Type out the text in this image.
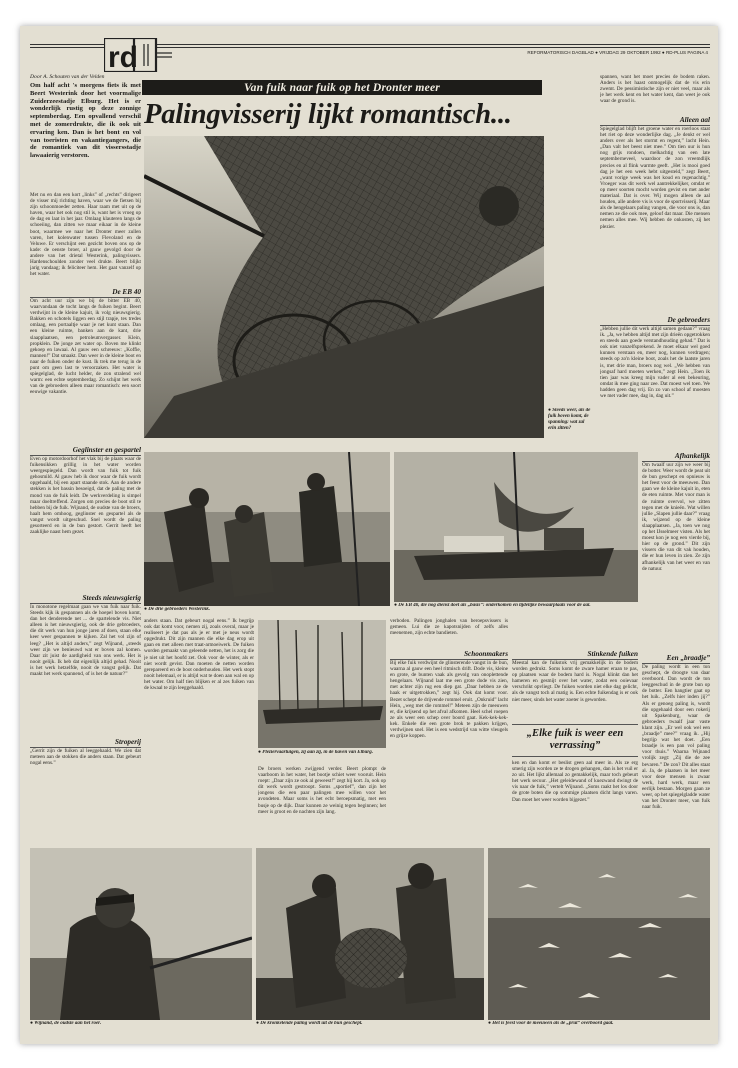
rd	REFORMATORISCH DAGBLAD ● VRIJDAG 29 OKTOBER 1992 ● RD-PLUS PAGINA 4
Door A. Schouten van der Velden
Om half acht 's morgens fiets ik met Beert Westerink door het voormalige Zuiderzeestadje Elburg. Het is er wonderlijk rustig op deze zonnige septemberdag. Een opvallend verschil met de zomerdrukte, die ik ook uit ervaring ken. Dan is het bont en vol van toeristen en vakantiegangers, die de romantiek van dit vissersstadje lawaaierig verstoren.
Met nu en dan een kort „links” of „rechts” dirigeert de visser mij richting haven, waar we de fietsen bij zijn schoonmoeder zetten. Haar raam met uit op de haven, waar het ook nog stil is, want het is vroeg op de dag en laat in het jaar. Omlaag klauteren langs de schoeiing, dan zitten we maar eikaar in de kleine boot, waarmee we naar het Dronter meer zullen varen, het kolenwater tussen Flevoland en de Veluwe. Er verschijnt een gezicht boven ons op de kade: de oenste broer, al gauw gevolgd door de andere van het drietal Westerink, palingvissers. Hardenschoulden zonder veel drukte. Beert blijkt jarig vandaag; ik feliciteer hem. Het gaat vanzelf op het water.
De EB 40
Om acht uur zijn we bij de bitter EB 40, waarvandaan de tocht langs de fuiken begint. Beert verdwijnt in de kleine kajuit, ik volg nieuwsgierig. Bakken en schotels liggen een stijl trapje, tes tredes omlaag, een portaaltje waar je net kunt staan. Dan een kleine ruimte, banken aan de kant, drie slaapplaatsen, een petroleumvergasser. Klein, propklein. De jonge zet water op. Boven me klinkt gekoep en lawaai. Al gauw een schreeuw: „Koffie, mannen!” Dat smaakt. Dan weer in de kleine boot en naar de fuiken onder de kust. Ik trek me terug in de punt om geen last te veroorzaken. Het water is spiegelglad, de lucht helder, de zon stralend wel warm: een echte septemberdag. Zo schijnt het werk van de gebroeders alleen maar romantisch: een soort eeuwige vakantie.
Geglinster en gespartel
Even op motordoorhof het vlak bij de plaats waar de fuikensikken grillig in het water worden weergespiegeld. Dan wordt van fuik tot fuik gehosmild. Al gauw heb ik door waar de fuik wordt opgehaald, bij een apart staande stok. Aan de andere stekken is het bassin besoeigd, dat de paling met de mond van de fuik leidt. De werkverdeling is simpel maar doeltreffend. Zorgen om precies de boot stil te hebben bij de fuik. Wijnand, de oudste van de broers, haalt hem omhoog, geglinster en gespartel als de vangst wordt uitgeschud. Snel wordt de paling gesorteerd en in de bun gestort. Gerrit heeft het zaaklijke naast hem gezet.
Steeds nieuwsgierig
In monotone regelmaat gaan we van fuik naar fuik. Steeds kijk ik gespannen als de hoepel boven komt, dan het denderende net ... de spartelende vis. Niet alleen is het nieuwsgierig, ook de drie gebroeders, die dit werk van hun jonge jaren af doen, staan elke keer weer gespannen te kijken. Zal het vol zijn of leeg? „Het is altijd anders,” zegt Wijnand, „steeds weer zijn we benieuwd wat er boven zal komen. Daar zit juist de aardigheid van ons werk. Het is nooit gelijk. Ik heb dat eigenlijk altijd gehad. Nooit is het werk hetzelfde, nooit de vangst gelijk. Dat maakt het werk spannend, of is het de natuur?”
Stroperij
„Gerrit zijn de fuiken al leeggehaald. We zien dat meteen aan de stokken die anders staan. Dat gebeurt nogal eens.”
Van fuik naar fuik op het Dronter meer
Palingvisserij lijkt romantisch...
● Steeds weer, als de fuik boven komt, de spanning: wat zal erin zitten?
● De drie gebroeders Westerink.
● De EB 40, die nog dienst doet als „basis”: onderkomen en tijdelijke bewaarplaats voor de aal.
anders staan. Dat gebeurt nogal eens.” Ik begrijp ook dat komt voor, nemen zij, zoals overal, maar je realiseert je dat pas als je er met je neus wordt opgedrukt. Dit zijn mannen die elke dag erop uit gaan en met alleen met traat-armoeiwerk. De fuiken worden gemaakt van geleende netten, het is zorg die je niet uit het hoofd zet. Ook voor de winter, als er niet wordt gevist. Dan moeten de netten worden gerepareerd en de boot onderhouden. Het werk stopt nooit helemaal, er is altijd wat te doen aan wal en op het water. Om half tien blijken er al zes fuiken van de kwaal te zijn leeggehaald.
● Pleziervaartuigen, zij aan zij, in de haven van Elburg.
De broers werken zwijgend verder. Beert plompt de vaarboom in het water, het bootje schiet weer vooruit. Hein roept: „Daar zijn ze ook al geweest!” zegt hij kort. Ja, ook op dit werk wordt gestroopt. Soms „sportief”, dan zijn het jongens die een paar palingen mee willen voor het avondeten. Maar soms is het echt beroepsmatig, met een busje op de dijk. Daar kunnen ze weinig tegen beginnen; het meer is groot en de nachten zijn lang.
verboden. Palingen jonghalen van beroepsvissers is gemeen. Lui die ze kapotsnijden of zelfs alles meenemen, zijn echte bandieten.
Schoonmakers
Bij elke fuik verdwijnt de glinsterende vangst in de bun, waarna al gauw een heel ritmisch drift. Dode vis, kleine en grote, de bunten vaak als gevolg van onoplettende hengelaars. Wijnand laat me een grote dode vis zien, met achter zijn rug een diep gat. „Daar hebben ze de haak er uitgetrokken,” zegt hij. Ook dat komt voor. Bezet schept de drijvende rommel eruit. „Onkruid” lacht Hein, „weg met die rommel!” Meteen zijn de meeuwen er, die krijsend op het afval afkomen. Heel schel roepen ze als weer een schep over boord gaat. Kek-kek-kek-kek. Enkele die een grote brok te pakken krijgen, verdwijnen snel. Het is een wedstrijd van witte vleugels en grijze koppen.
Stinkende fuiken
Meestal kan de fuikstok vrij gemakkelijk in de bodem worden gedrukt. Soms komt de zware hamer eraan te pas, op plaatsen waar de bodem hard is. Nogal klinkt dan het hameren en gesmijt over het water, zodat een ooievaar verschrikt opvliegt. De fuiken worden niet elke dag gelicht, als de vangst toch al matig is. Een echte fuikendag is er ook niet meer, sinds het water zoeter is geworden.
„Elke fuik is weer een verrassing”
ken en dan komt er beslist geen aal meer in. Als ze erg smerig zijn worden ze te drogen gehangen, dan is het vuil er zo uit. Het lijkt allemaal zo gemakkelijk, maar toch gebeurt het werk secuur. „Het geleidewand of kuezwand dwingt de vis naar de fuik,” vertelt Wijnand. „Soms raakt het los door de grote boten die op sommige plaatsen dicht langs varen. Dan moet het weer worden bijgezet.”
spannen, want het moet precies de bodem raken. Anders is het haast onmogelijk dat de vis erin zwemt. De pessimistische zijn er niet veel, maar als je het werk kent en het water kent, dan weet je ook waar de grond is.
Alleen aal
Spiegelglad blijft het groene water en roerloos staat het riet op deze wonderlijke dag. „Je denkt er wel anders over als het stormt en regent,” lacht Hein. „Dan valt het beest niet mee.” Om tien uur is hun nog grijs rondoen, melkachtig van een late septemberneveel, waardoor de zon vreemdlijk precies en al flink warmte geeft. „Het is mooi goed dag je het een week hebt uitgesteld,” zegt Beert, „want vorige week was het koud en regenachtig.” Vroeger was dit werk wel aantrekkelijker, omdat er op meer soorten mocht worden gevist en met ander materiaal. Dat is over. Wij mogen alleen de aal houden, alle andere vis is voor de sportvisserij. Maar als de hengelaars paling vangen, die voor ons is, dan nemen ze die ook mee, geloof dat maar. Die mensen nemen alles mee. Wij hebben de onkosten, zij het plezier.
De gebroeders
„Hebben jullie dit werk altijd samen gedaan?” vraag ik. „Ja, we hebben altijd met zijn drieën opgetrokken en steeds aan goede verstandhouding gehad.” Dat is ook niet vanzelfsprekend. Je moet elkaar wel goed kunnen verstaan en, meer nog, kunnen verdragen; steeds op zo'n kleine boot, zoals het de laatste jaren is, met drie man, broers nog wel. „We hebben van jongsaf hard moeten werken,” zegt Hein. „Toen ik tien jaar was kreeg mijn vader al een bekeuring, omdat ik mee ging naar zee. Dat moest wel toen. We hadden geen dag vrij. En zo van school af moesten we met vader mee, dag in, dag uit.”
Afhankelijk
Om twaalf uur zijn we weer bij de botter. Weer wordt de peat uit de bun geschept en opnieuw is het feest voor de meeuwen. Dan gaan we de kleine kajuit in, eten de eten ruimte. Met voor man is de ruimte overvol, we zitten tegen met de knieën. Wat willen jullie „Slapen jullie daar?” vraag ik, wijzend op de kleine slaapplaatsen. „Ja, toen we nog op het IJsselmeer visten. Als het moest kon je nog een vierde bij, hier op de grond.” Dit zijn vissers die van dit vak houden, die er hun leven in zien. Ze zijn afhankelijk van het weer en van de natuur.
Een „braadje”
De paling wordt in een ton geschept, de droogte van daar overboord. Dan wordt de ton leeggeschud in de grote bun op de botter. Een hangtier gaat op het luik. „Zelfs hier inden jij?” Als er genoeg paling is, wordt die opgehaald door een rokerij uit Spakenburg, waar de gebroeders twaalf jaar vaste klant zijn. „Er wel ook wel een „braadje” mee?” vraag ik. „Hij begrijp wat het doet. „Een braadje is een pan vol paling voor thuis.” Waarna Wijnand vrolijk zegt: „Zij die de zee bevaren.” De zon? Dit alles staat al. Ja, de plaatsen in het meer voor deze mensen is zwaar werk, hard werk, maar een eerlijk bestaan. Morgen gaan ze weer, op het spiegelgladde water van het Dronter meer, van fuik naar fuik.
● Wijnand, de oudste aan het roer.	● De kronkelende paling wordt uit de bun geschept.	● Het is feest voor de meeuwen als de „prut” overboord gaat.
